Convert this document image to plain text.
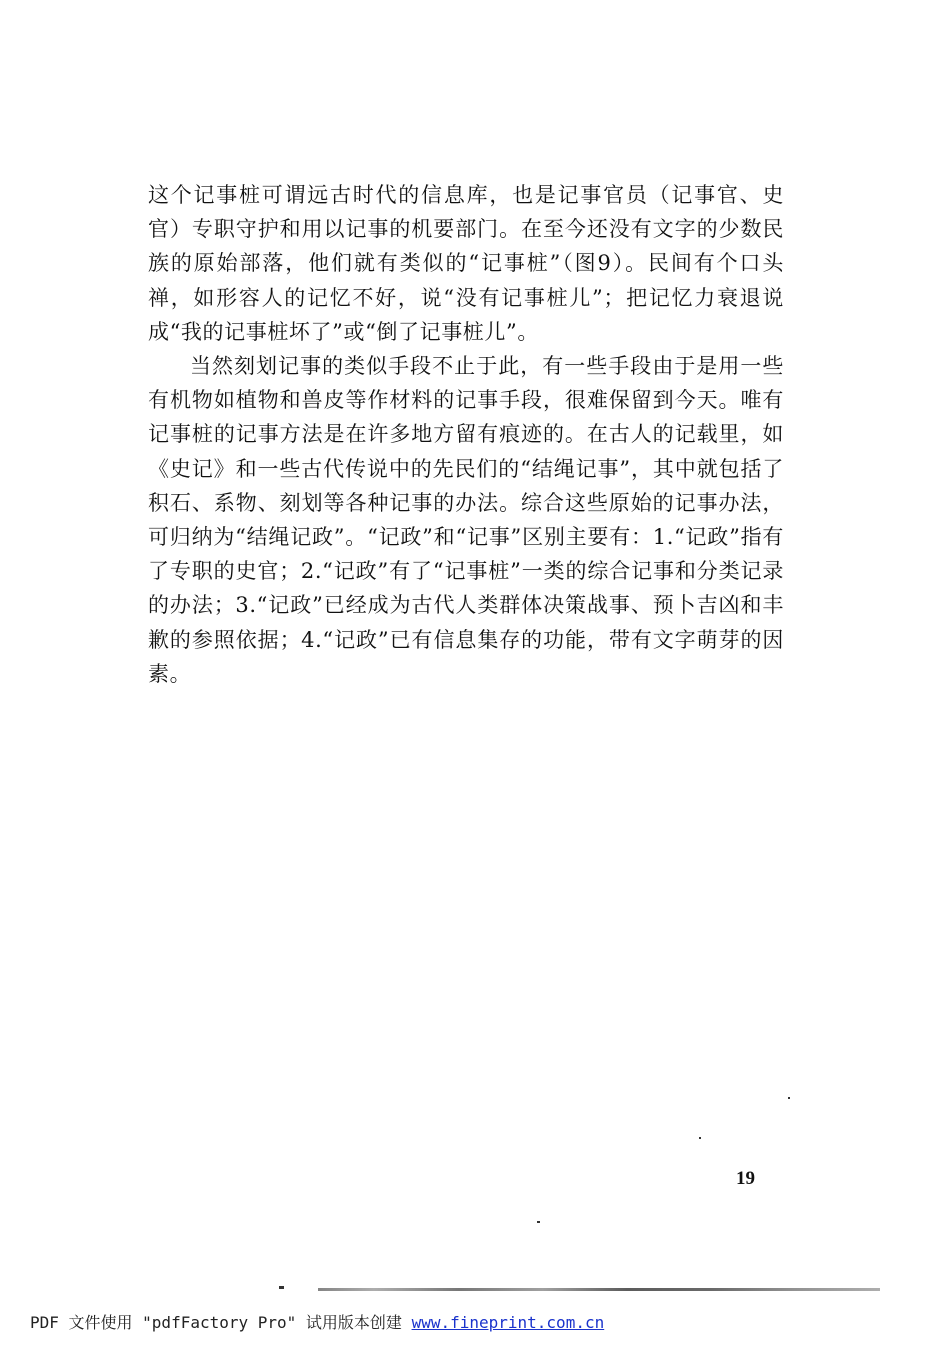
这个记事桩可谓远古时代的信息库，也是记事官员（记事官、史官）专职守护和用以记事的机要部门。在至今还没有文字的少数民族的原始部落，他们就有类似的“记事桩”（图9）。民间有个口头禅，如形容人的记忆不好，说“没有记事桩儿”；把记忆力衰退说成“我的记事桩坏了”或“倒了记事桩儿”。

当然刻划记事的类似手段不止于此，有一些手段由于是用一些有机物如植物和兽皮等作材料的记事手段，很难保留到今天。唯有记事桩的记事方法是在许多地方留有痕迹的。在古人的记载里，如《史记》和一些古代传说中的先民们的“结绳记事”，其中就包括了积石、系物、刻划等各种记事的办法。综合这些原始的记事办法，可归纳为“结绳记政”。“记政”和“记事”区别主要有：1.“记政”指有了专职的史官；2.“记政”有了“记事桩”一类的综合记事和分类记录的办法；3.“记政”已经成为古代人类群体决策战事、预卜吉凶和丰歉的参照依据；4.“记政”已有信息集存的功能，带有文字萌芽的因素。

19
PDF 文件使用 "pdfFactory Pro" 试用版本创建 www.fineprint.com.cn
